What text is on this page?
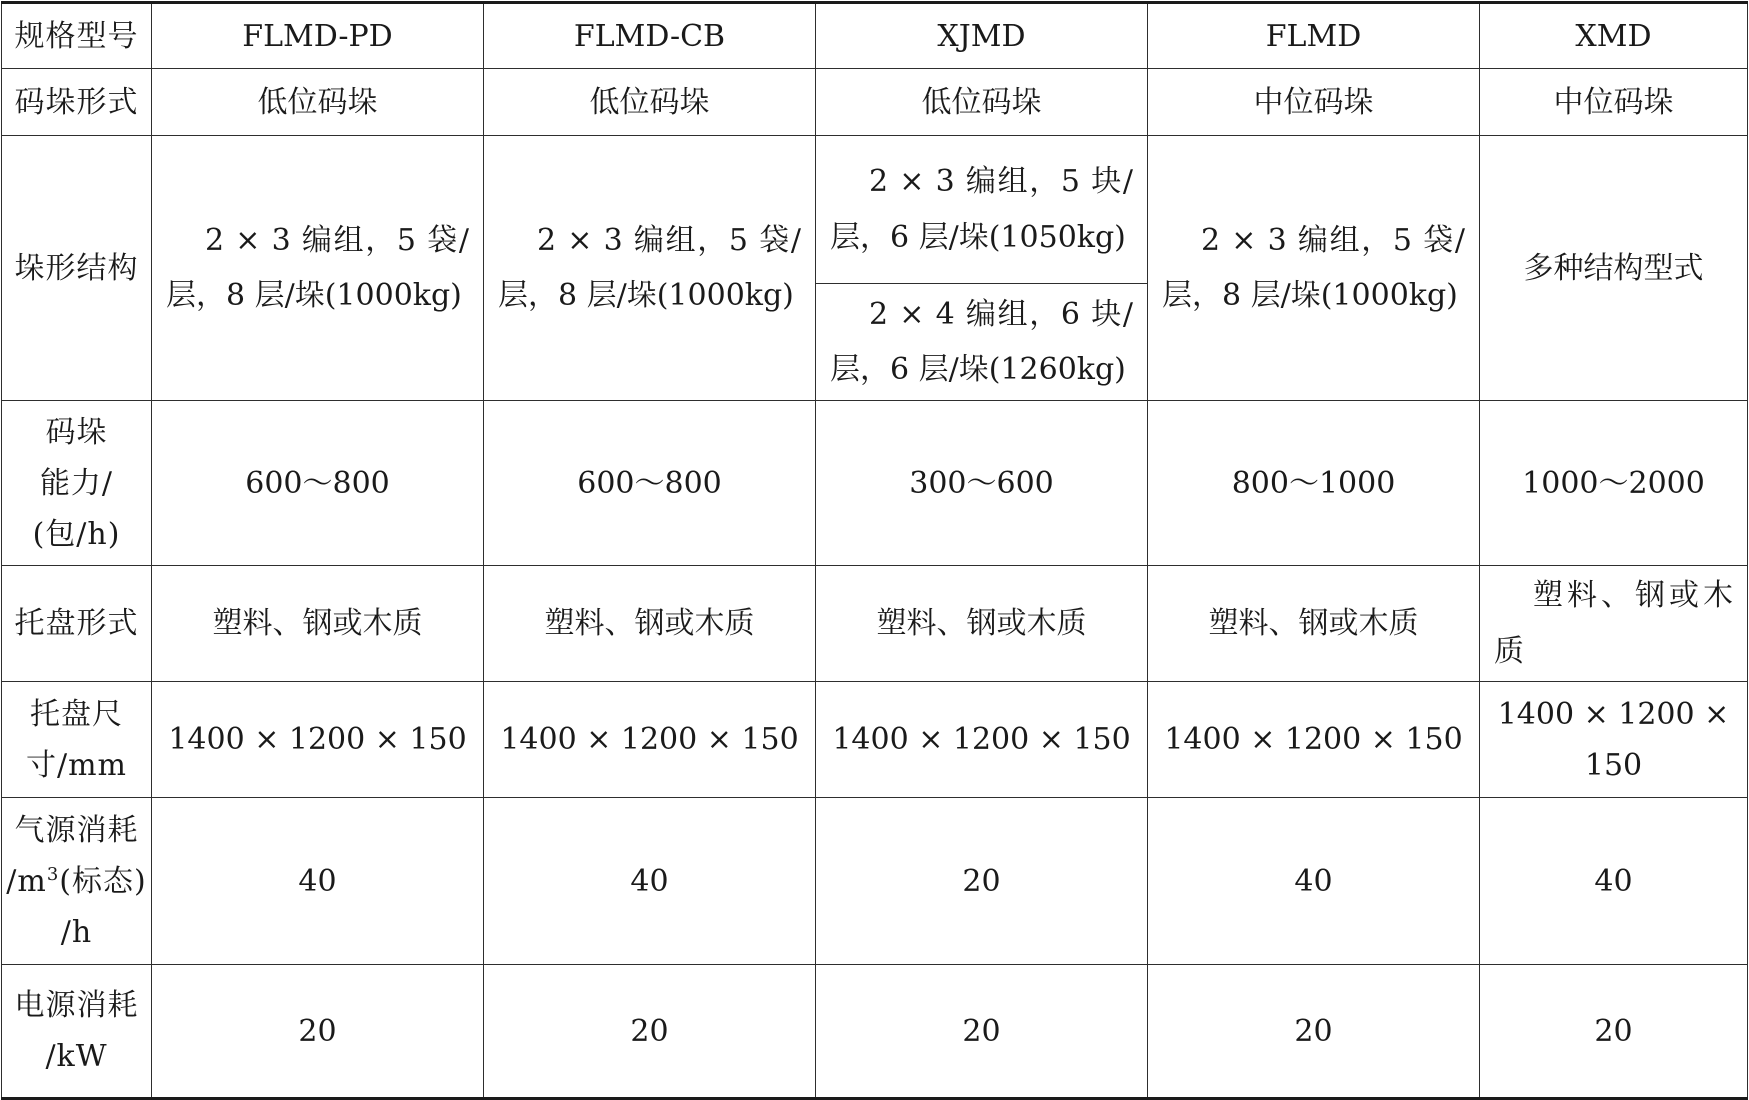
规格型号	FLMD-PD	FLMD-CB	XJMD	FLMD	XMD
码垛形式	低位码垛	低位码垛	低位码垛	中位码垛	中位码垛
垛形结构	2 × 3 编组，5 袋/层，8 层/垛(1000kg)	2 × 3 编组，5 袋/层，8 层/垛(1000kg)	2 × 3 编组，5 块/层，6 层/垛(1050kg)	2 × 3 编组，5 袋/层，8 层/垛(1000kg)	多种结构型式

			2 × 4 编组，6 块/层，6 层/垛(1260kg)		

码垛
能力/
(包/h)	600～800	600～800	300～600	800～1000	1000～2000
托盘形式	塑料、钢或木质	塑料、钢或木质	塑料、钢或木质	塑料、钢或木质	塑料、钢或木质

托盘尺
寸/mm	1400 × 1200 × 150	1400 × 1200 × 150	1400 × 1200 × 150	1400 × 1200 × 150	1400 × 1200 × 150

气源消耗
$/m^3$(标态)
/h	40	40	20	40	40

电源消耗
/kW	20	20	20	20	20
